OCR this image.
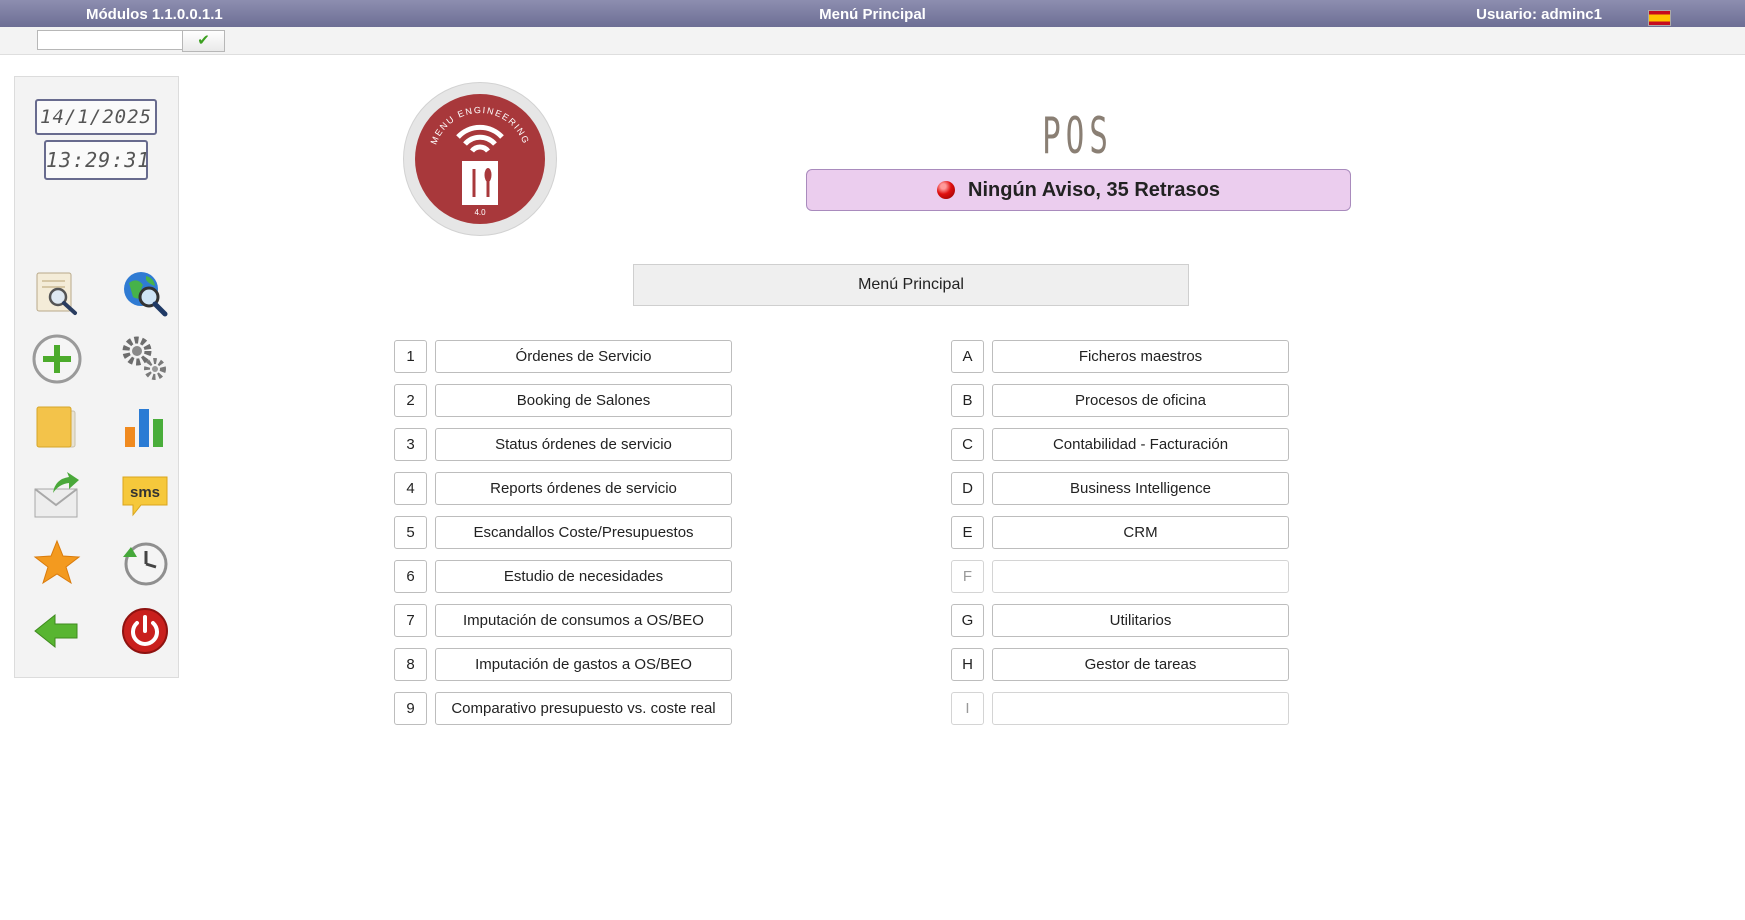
Módulos 1.1.0.0.1.1	Menú Principal	Usuario: adminc1
✔
14/1/2025
13:29:31
sms
MENU ENGINEERING
4.0
POS
Ningún Aviso, 35 Retrasos
Menú Principal
1	Órdenes de Servicio
2	Booking de Salones
3	Status órdenes de servicio
4	Reports órdenes de servicio
5	Escandallos Coste/Presupuestos
6	Estudio de necesidades
7	Imputación de consumos a OS/BEO
8	Imputación de gastos a OS/BEO
9	Comparativo presupuesto vs. coste real
A	Ficheros maestros
B	Procesos de oficina
C	Contabilidad - Facturación
D	Business Intelligence
E	CRM
F
G	Utilitarios
H	Gestor de tareas
I
